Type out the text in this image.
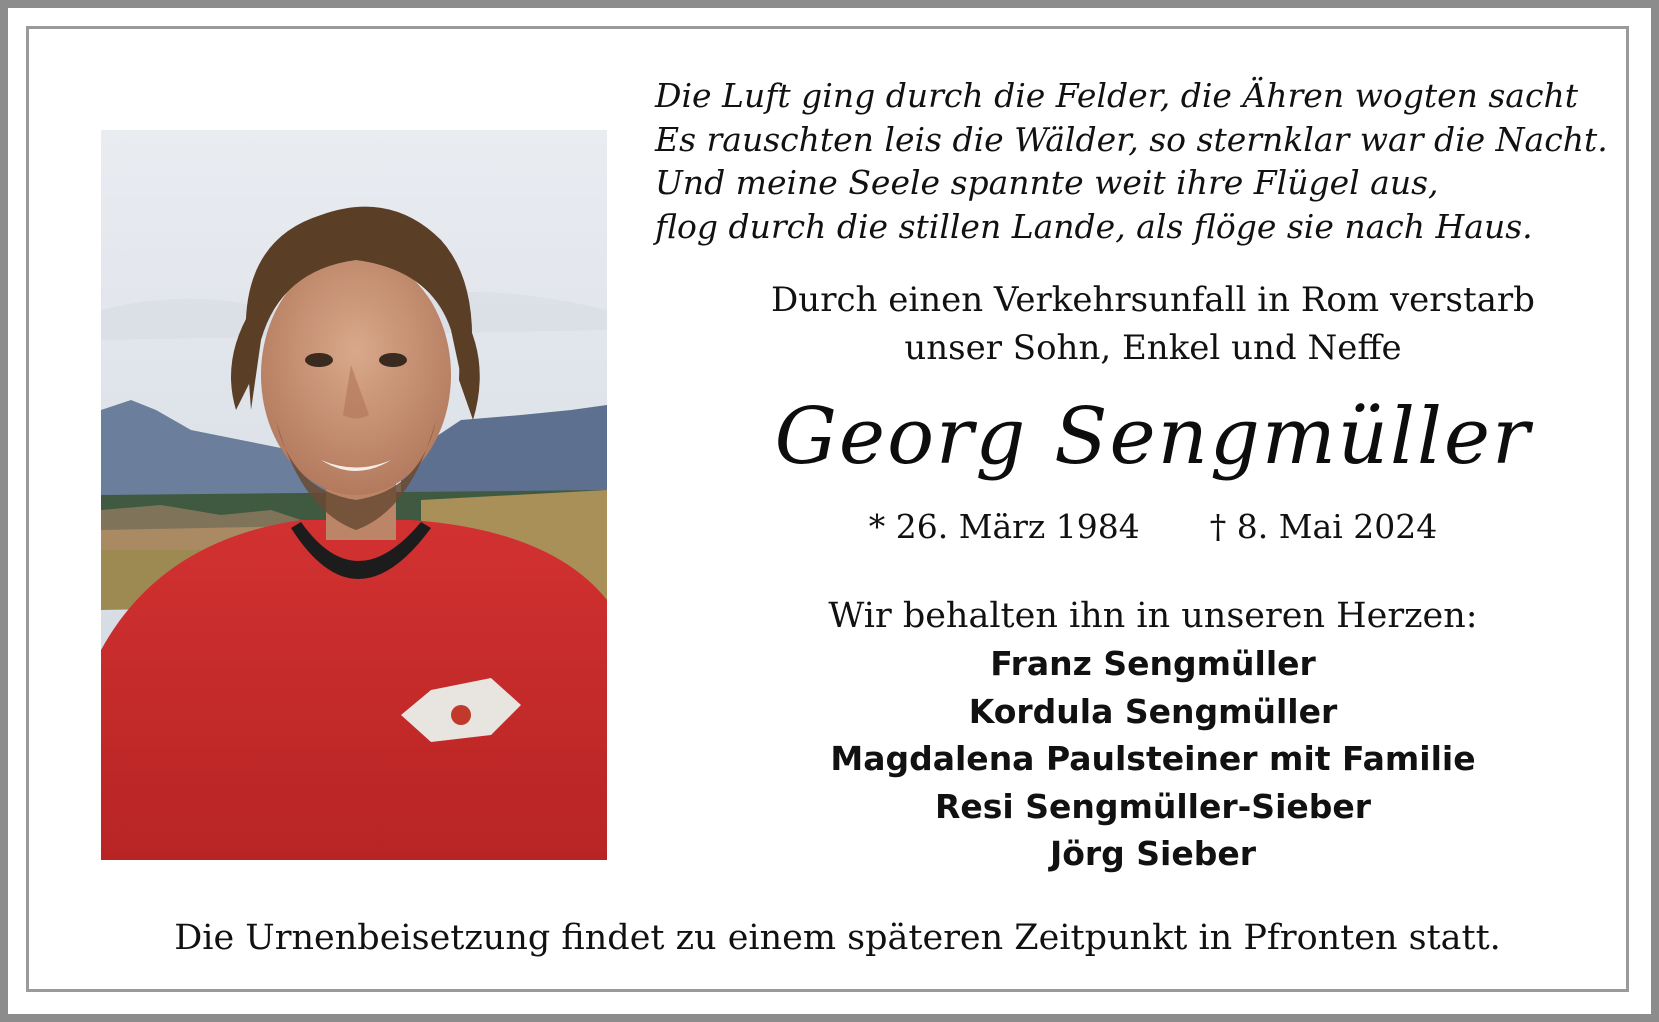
Die Luft ging durch die Felder, die Ähren wogten sacht
Es rauschten leis die Wälder, so sternklar war die Nacht.
Und meine Seele spannte weit ihre Flügel aus,
flog durch die stillen Lande, als flöge sie nach Haus.
Durch einen Verkehrsunfall in Rom verstarb
unser Sohn, Enkel und Neffe
Georg Sengmüller
* 26. März 1984 † 8. Mai 2024
Wir behalten ihn in unseren Herzen:
Franz Sengmüller
Kordula Sengmüller
Magdalena Paulsteiner mit Familie
Resi Sengmüller-Sieber
Jörg Sieber
Die Urnenbeisetzung findet zu einem späteren Zeitpunkt in Pfronten statt.
